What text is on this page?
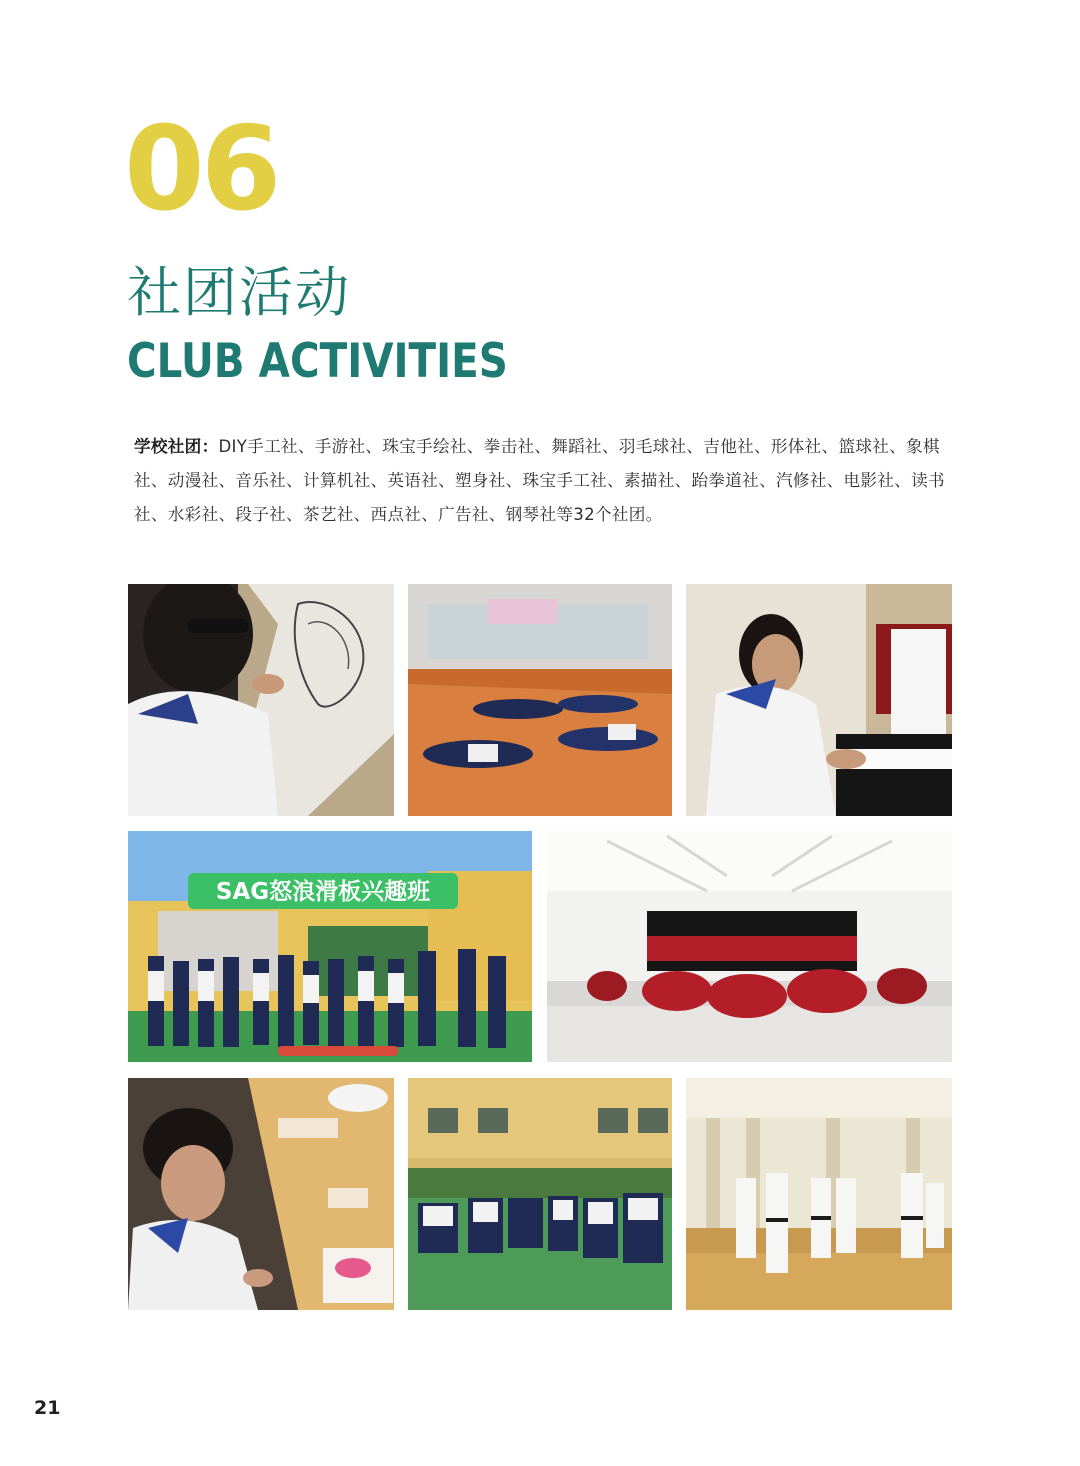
06
社团活动
CLUB ACTIVITIES
学校社团：DIY手工社、手游社、珠宝手绘社、拳击社、舞蹈社、羽毛球社、吉他社、形体社、篮球社、象棋社、动漫社、音乐社、计算机社、英语社、塑身社、珠宝手工社、素描社、跆拳道社、汽修社、电影社、读书社、水彩社、段子社、茶艺社、西点社、广告社、钢琴社等32个社团。
SAG怒浪滑板兴趣班
21
